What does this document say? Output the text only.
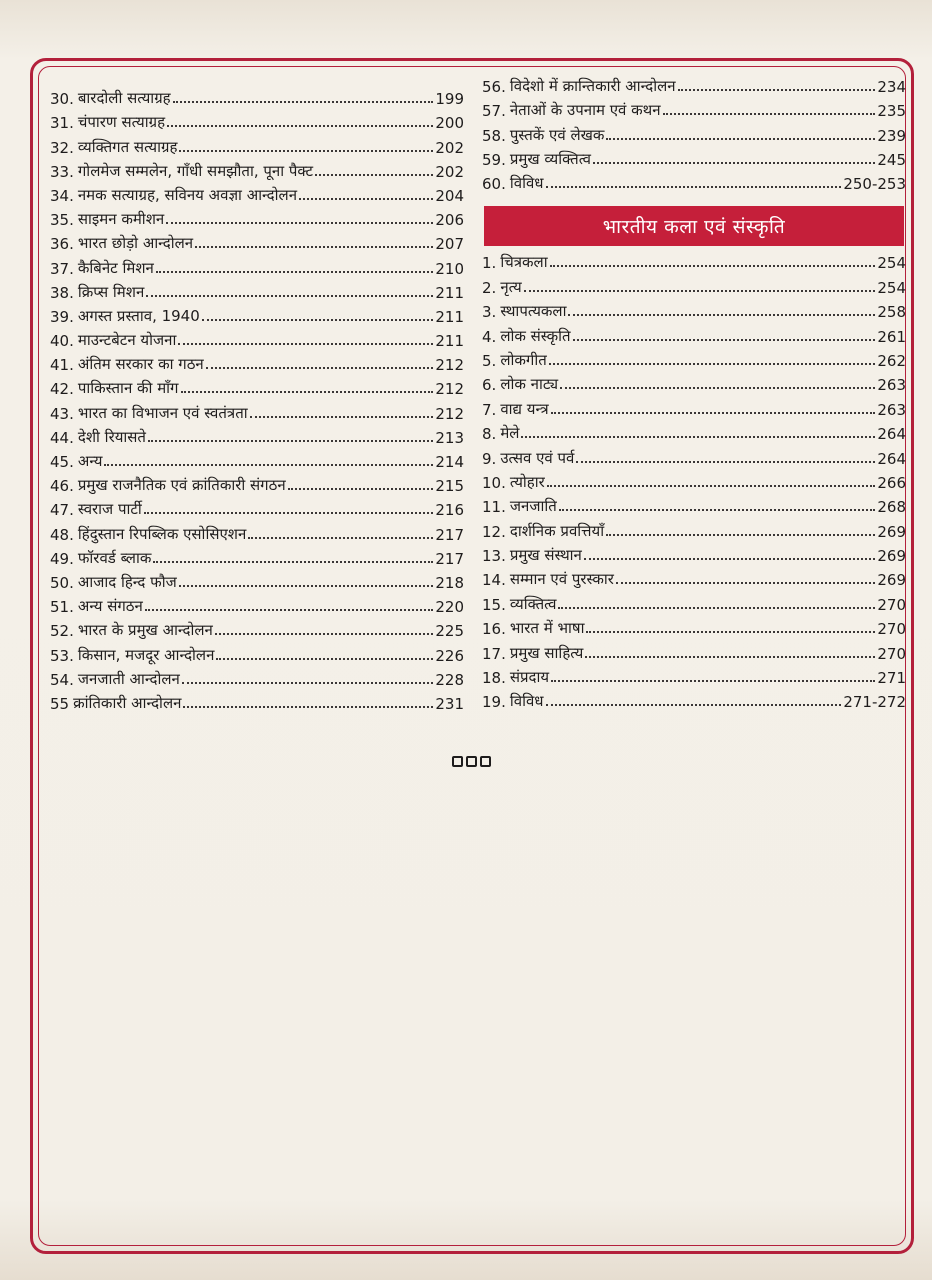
30. बारदोली सत्याग्रह	199
31. चंपारण सत्याग्रह	200
32. व्यक्तिगत सत्याग्रह	202
33. गोलमेज सम्मलेन, गाँधी समझौता, पूना पैक्ट	202
34. नमक सत्याग्रह, सविनय अवज्ञा आन्दोलन	204
35. साइमन कमीशन	206
36. भारत छोड़ो आन्दोलन	207
37. कैबिनेट मिशन	210
38. क्रिप्स मिशन	211
39. अगस्त प्रस्ताव, 1940	211
40. माउन्टबेटन योजना	211
41. अंतिम सरकार का गठन	212
42. पाकिस्तान की माँग	212
43. भारत का विभाजन एवं स्वतंत्रता	212
44. देशी रियासते	213
45. अन्य	214
46. प्रमुख राजनैतिक एवं क्रांतिकारी संगठन	215
47. स्वराज पार्टी	216
48. हिंदुस्तान रिपब्लिक एसोसिएशन	217
49. फॉरवर्ड ब्लाक	217
50. आजाद हिन्द फौज	218
51. अन्य संगठन	220
52. भारत के प्रमुख आन्दोलन	225
53. किसान, मजदूर आन्दोलन	226
54. जनजाती आन्दोलन	228
55 क्रांतिकारी आन्दोलन	231
56. विदेशो में क्रान्तिकारी आन्दोलन	234
57. नेताओं के उपनाम एवं कथन	235
58. पुस्तकें एवं लेखक	239
59. प्रमुख व्यक्तित्व	245
60. विविध	250-253
भारतीय कला एवं संस्कृति
1. चित्रकला	254
2. नृत्य	254
3. स्थापत्यकला	258
4. लोक संस्कृति	261
5. लोकगीत	262
6. लोक नाट्य	263
7. वाद्य यन्त्र	263
8. मेले	264
9. उत्सव एवं पर्व	264
10. त्योहार	266
11. जनजाति	268
12. दार्शनिक प्रवत्तियाँ	269
13. प्रमुख संस्थान	269
14. सम्मान एवं पुरस्कार	269
15. व्यक्तित्व	270
16. भारत में भाषा	270
17. प्रमुख साहित्य	270
18. संप्रदाय	271
19. विविध	271-272
